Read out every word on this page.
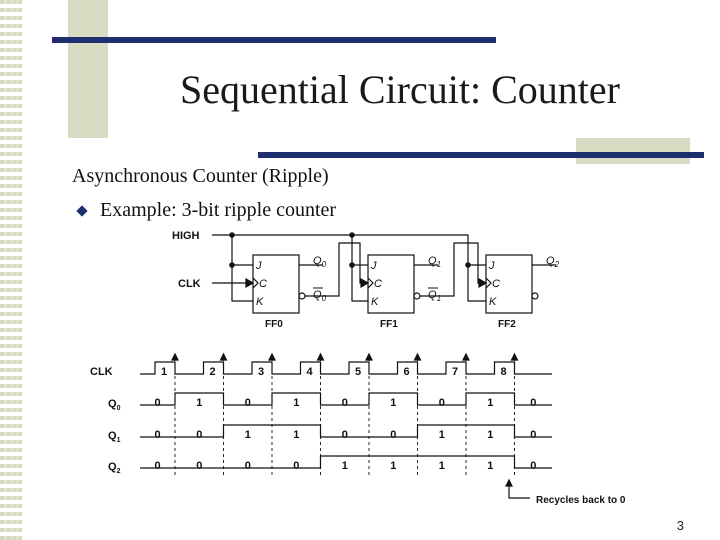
Sequential Circuit: Counter
Asynchronous Counter (Ripple)
Example: 3-bit ripple counter
HIGH
CLK
J
C
K
FF0
$Q_0$
$Q_0$
J
C
K
FF1
$Q_1$
$Q_1$
J
C
K
FF2
$Q_2$
CLK
Recycles back to 0
1	2	3	4	5	6	7	8
$Q_0$	0	1	0	1	0	1	0	1	0
$Q_1$	0	0	1	1	0	0	1	1	0
$Q_2$	0	0	0	0	1	1	1	1	0
3
